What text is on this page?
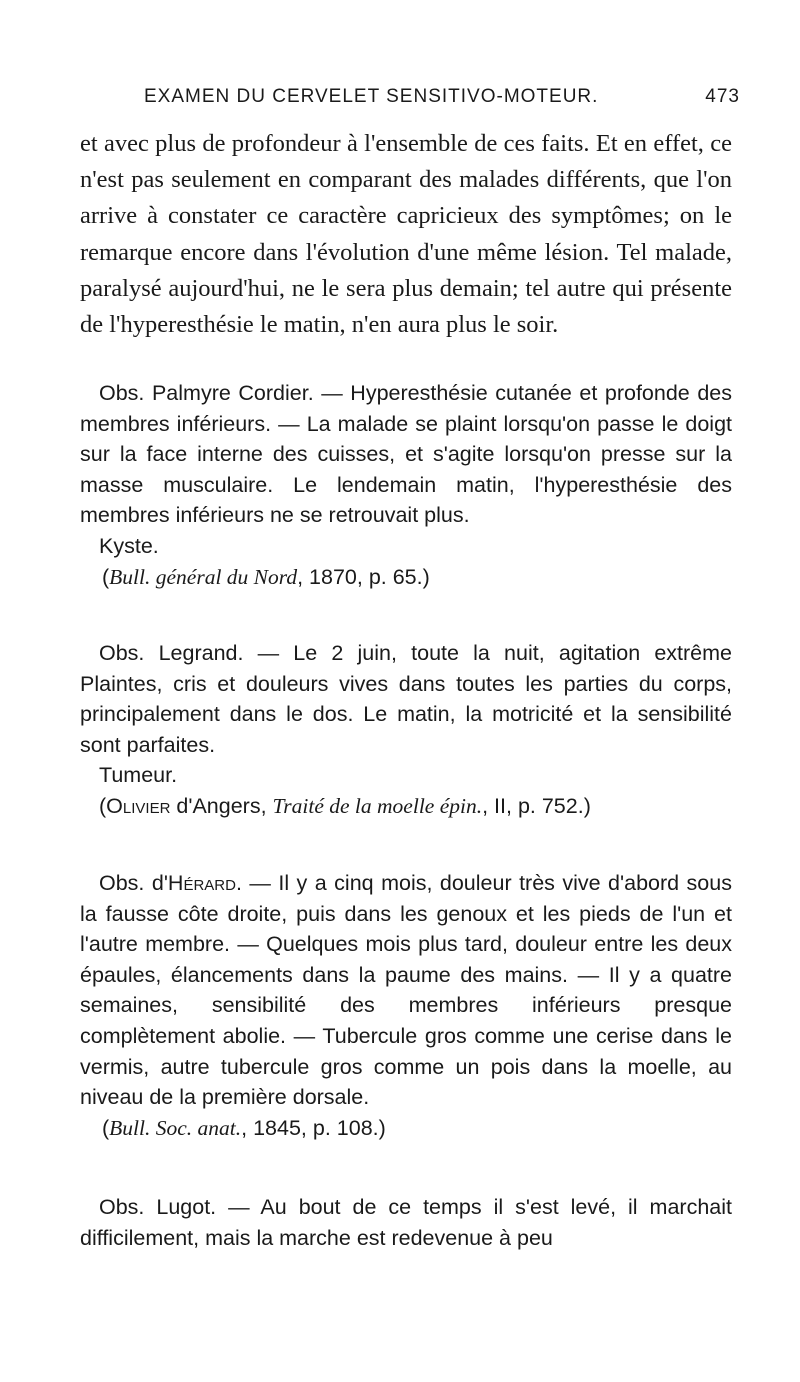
EXAMEN DU CERVELET SENSITIVO-MOTEUR.	473

et avec plus de profondeur à l'ensemble de ces faits. Et en effet, ce n'est pas seulement en comparant des malades différents, que l'on arrive à constater ce caractère capricieux des symptômes; on le remarque encore dans l'évolution d'une même lésion. Tel malade, paralysé aujourd'hui, ne le sera plus demain; tel autre qui présente de l'hyperesthésie le matin, n'en aura plus le soir.

Obs. Palmyre Cordier. — Hyperesthésie cutanée et profonde des membres inférieurs. — La malade se plaint lorsqu'on passe le doigt sur la face interne des cuisses, et s'agite lorsqu'on presse sur la masse musculaire. Le lendemain matin, l'hyperesthésie des membres inférieurs ne se retrouvait plus.

Kyste.

(Bull. général du Nord, 1870, p. 65.)

Obs. Legrand. — Le 2 juin, toute la nuit, agitation extrême Plaintes, cris et douleurs vives dans toutes les parties du corps, principalement dans le dos. Le matin, la motricité et la sensibilité sont parfaites.

Tumeur.

(Olivier d'Angers, Traité de la moelle épin., II, p. 752.)

Obs. d'Hérard. — Il y a cinq mois, douleur très vive d'abord sous la fausse côte droite, puis dans les genoux et les pieds de l'un et l'autre membre. — Quelques mois plus tard, douleur entre les deux épaules, élancements dans la paume des mains. — Il y a quatre semaines, sensibilité des membres inférieurs presque complètement abolie. — Tubercule gros comme une cerise dans le vermis, autre tubercule gros comme un pois dans la moelle, au niveau de la première dorsale.

(Bull. Soc. anat., 1845, p. 108.)

Obs. Lugot. — Au bout de ce temps il s'est levé, il marchait difficilement, mais la marche est redevenue à peu
